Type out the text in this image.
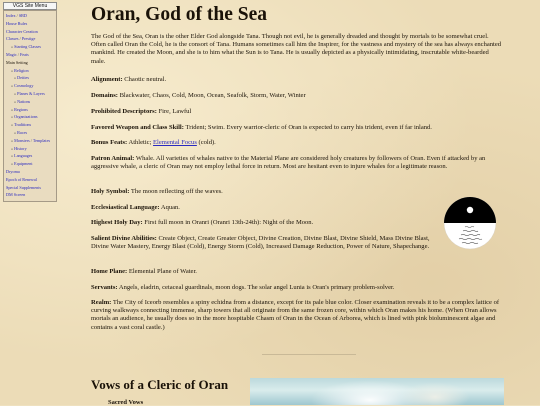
VGS Site Menu
Index / SRD
House Rules
Character Creation
Classes / Prestige
» Starting Classes
Magic / Feats
Main Setting
» Religion
» Deities
» Cosmology
» Planes & Layers
» Nations
» Regions
» Organizations
» Traditions
» Races
» Monsters / Templates
» History
» Languages
» Equipment
Dryoma
Epoch of Renewal
Special Supplements
DM Screen
Oran, God of the Sea

The God of the Sea, Oran is the other Elder God alongside Tana. Though not evil, he is generally dreaded and thought by mortals to be somewhat cruel. Often called Oran the Cold, he is the consort of Tana. Humans sometimes call him the Inspirer, for the vastness and mystery of the sea has always enchanted mankind. He created the Moon, and she is to him what the Sun is to Tana. He is usually depicted as a physically intimidating, inscrutable white-bearded male.

Alignment: Chaotic neutral.

Domains: Blackwater, Chaos, Cold, Moon, Ocean, Seafolk, Storm, Water, Winter

Prohibited Descriptors: Fire, Lawful

Favored Weapon and Class Skill: Trident; Swim. Every warrior-cleric of Oran is expected to carry his trident, even if far inland.

Bonus Feats: Athletic; Elemental Focus (cold).

Patron Animal: Whale. All varieties of whales native to the Material Plane are considered holy creatures by followers of Oran. Even if attacked by an aggressive whale, a cleric of Oran may not employ lethal force in return. Most are hesitant even to injure whales for a legitimate reason.

Holy Symbol: The moon reflecting off the waves.

Ecclesiastical Language: Aquan.

Highest Holy Day: First full moon in Oranri (Oranri 13th-24th): Night of the Moon.

Salient Divine Abilities: Create Object, Create Greater Object, Divine Creation, Divine Blast, Divine Shield, Mass Divine Blast, Divine Water Mastery, Energy Blast (Cold), Energy Storm (Cold), Increased Damage Reduction, Power of Nature, Shapechange.

Home Plane: Elemental Plane of Water.

Servants: Angels, eladrin, cetaceal guardinals, moon dogs. The solar angel Lunia is Oran's primary problem-solver.

Realm: The City of Iceorb resembles a spiny echidna from a distance, except for its pale blue color. Closer examination reveals it to be a complex lattice of curving walkways connecting immense, sharp towers that all originate from the same frozen core, within which Oran makes his home. (When Oran allows mortals an audience, he usually does so in the more hospitable Chasm of Oran in the Ocean of Arborea, which is lined with pink bioluminescent algae and contains a vast coral castle.)

Vows of a Cleric of Oran
Sacred Vows
